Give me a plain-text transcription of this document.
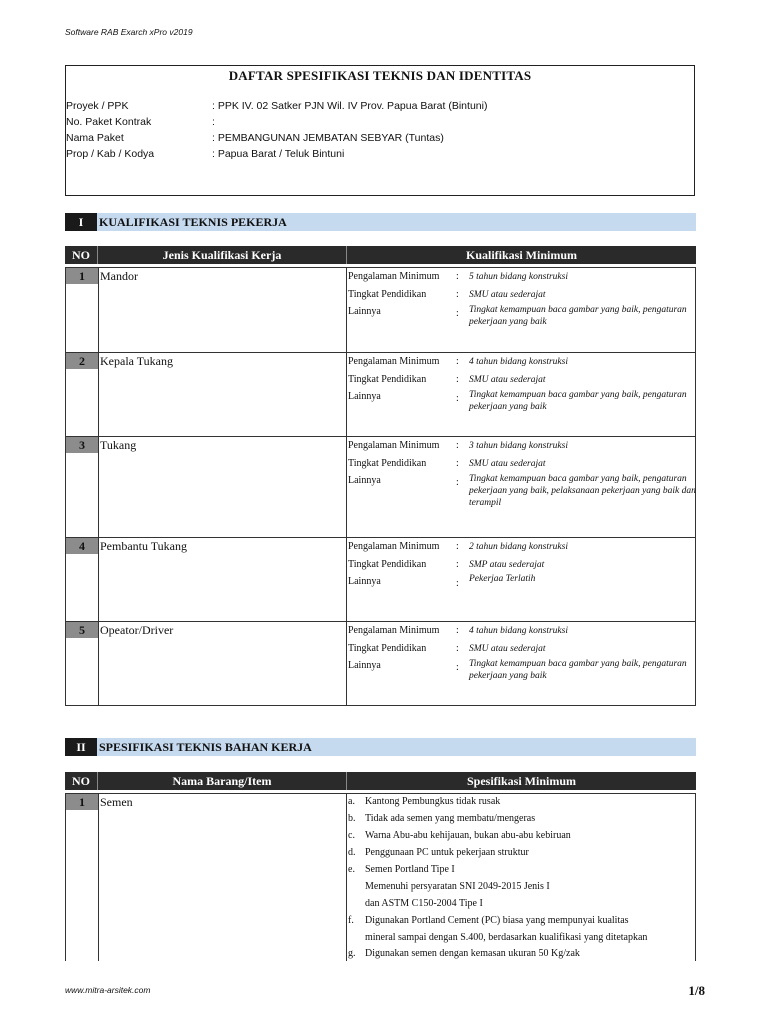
Software RAB Exarch xPro v2019
www.mitra-arsitek.com	1/8
DAFTAR SPESIFIKASI TEKNIS DAN IDENTITAS
Proyek / PPK	: PPK IV. 02 Satker PJN Wil. IV Prov. Papua Barat (Bintuni)
No. Paket Kontrak	:
Nama Paket	: PEMBANGUNAN JEMBATAN SEBYAR (Tuntas)
Prop / Kab / Kodya	: Papua Barat / Teluk Bintuni
I	KUALIFIKASI TEKNIS PEKERJA
NO	Jenis Kualifikasi Kerja	Kualifikasi Minimum
1	Mandor	Pengalaman Minimum : 5 tahun bidang konstruksi
Tingkat Pendidikan	: SMU atau sederajat
Lainnya	: Tingkat kemampuan baca gambar yang baik, pengaturan pekerjaan yang baik
2	Kepala Tukang	Pengalaman Minimum : 4 tahun bidang konstruksi
Tingkat Pendidikan	: SMU atau sederajat
Lainnya	: Tingkat kemampuan baca gambar yang baik, pengaturan pekerjaan yang baik
3	Tukang	Pengalaman Minimum : 3 tahun bidang konstruksi
Tingkat Pendidikan	: SMU atau sederajat
Lainnya	: Tingkat kemampuan baca gambar yang baik, pengaturan pekerjaan yang baik, pelaksanaan pekerjaan yang baik dan terampil
4	Pembantu Tukang	Pengalaman Minimum : 2 tahun bidang konstruksi
Tingkat Pendidikan	: SMP atau sederajat
Lainnya	: Pekerjaa Terlatih
5	Opeator/Driver	Pengalaman Minimum : 4 tahun bidang konstruksi
Tingkat Pendidikan	: SMU atau sederajat
Lainnya	: Tingkat kemampuan baca gambar yang baik, pengaturan pekerjaan yang baik
II	SPESIFIKASI TEKNIS BAHAN KERJA
NO	Nama Barang/Item	Spesifikasi Minimum
1	Semen	a. Kantong Pembungkus tidak rusak
b. Tidak ada semen yang membatu/mengeras
c. Warna Abu-abu kehijauan, bukan abu-abu kebiruan
d. Penggunaan PC untuk pekerjaan struktur
e. Semen Portland Tipe I
Memenuhi persyaratan SNI 2049-2015 Jenis I
dan ASTM C150-2004 Tipe I
f. Digunakan Portland Cement (PC) biasa yang mempunyai kualitas
mineral sampai dengan S.400, berdasarkan kualifikasi yang ditetapkan
g. Digunakan semen dengan kemasan ukuran 50 Kg/zak
